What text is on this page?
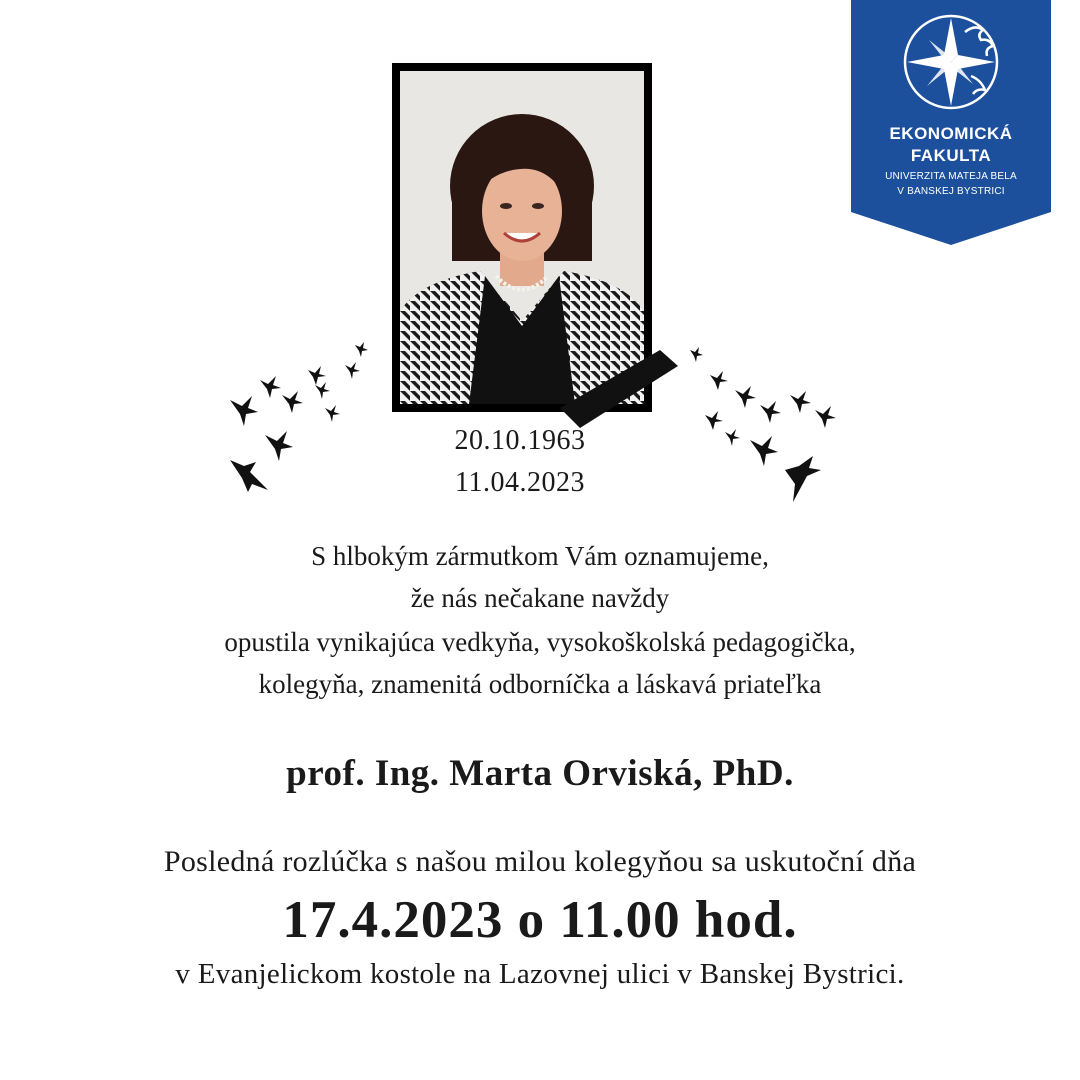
EKONOMICKÁ
FAKULTA
UNIVERZITA MATEJA BELA
V BANSKEJ BYSTRICI
20.10.1963
11.04.2023
S hlbokým zármutkom Vám oznamujeme,
že nás nečakane navždy
opustila vynikajúca vedkyňa, vysokoškolská pedagogička,
kolegyňa, znamenitá odborníčka a láskavá priateľka
prof. Ing. Marta Orviská, PhD.
Posledná rozlúčka s našou milou kolegyňou sa uskutoční dňa
17.4.2023 o 11.00 hod.
v Evanjelickom kostole na Lazovnej ulici v Banskej Bystrici.
